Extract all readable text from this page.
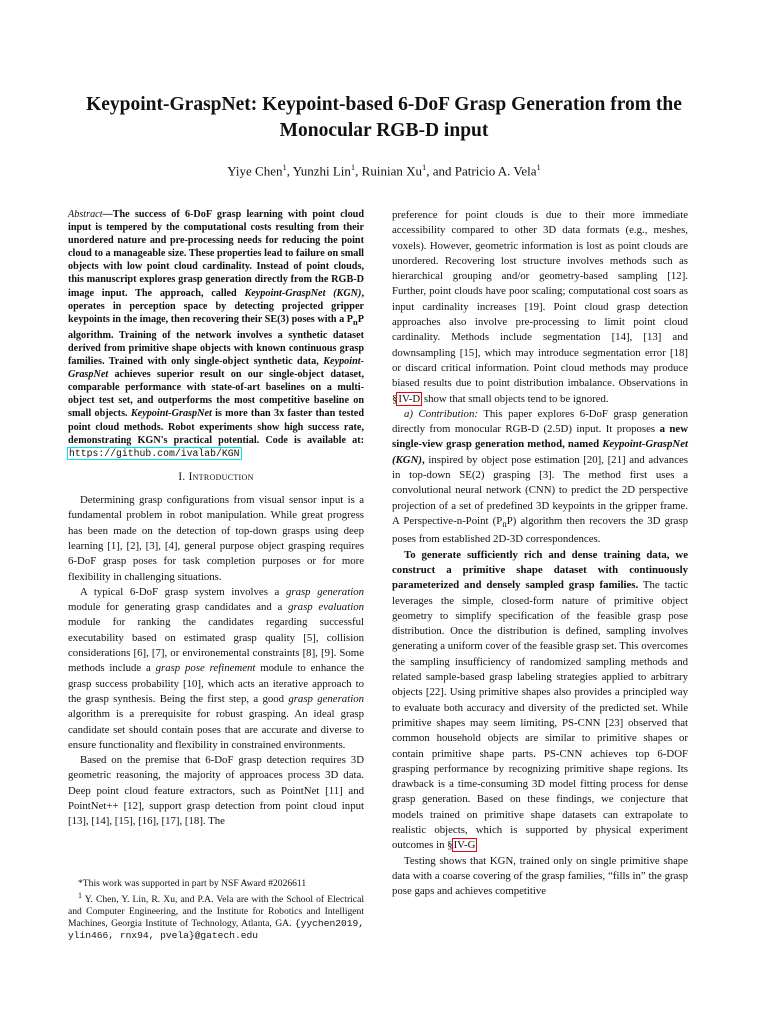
Keypoint-GraspNet: Keypoint-based 6-DoF Grasp Generation from the Monocular RGB-D input
Yiye Chen$^1$, Yunzhi Lin$^1$, Ruinian Xu$^1$, and Patricio A. Vela$^1$
Abstract—The success of 6-DoF grasp learning with point cloud input is tempered by the computational costs resulting from their unordered nature and pre-processing needs for reducing the point cloud to a manageable size. These properties lead to failure on small objects with low point cloud cardinality. Instead of point clouds, this manuscript explores grasp generation directly from the RGB-D image input. The approach, called Keypoint-GraspNet (KGN), operates in perception space by detecting projected gripper keypoints in the image, then recovering their SE(3) poses with a $P_nP$ algorithm. Training of the network involves a synthetic dataset derived from primitive shape objects with known continuous grasp families. Trained with only single-object synthetic data, Keypoint-GraspNet achieves superior result on our single-object dataset, comparable performance with state-of-art baselines on a multi-object test set, and outperforms the most competitive baseline on small objects. Keypoint-GraspNet is more than 3x faster than tested point cloud methods. Robot experiments show high success rate, demonstrating KGN's practical potential. Code is available at: https://github.com/ivalab/KGN
I. Introduction

Determining grasp configurations from visual sensor input is a fundamental problem in robot manipulation. While great progress has been made on the detection of top-down grasps using deep learning [1], [2], [3], [4], general purpose object grasping requires 6-DoF grasp poses for task completion purposes or for more flexibility in challenging situations.

A typical 6-DoF grasp system involves a grasp generation module for generating grasp candidates and a grasp evaluation module for ranking the candidates regarding successful executability based on estimated grasp quality [5], collision considerations [6], [7], or environemental constraints [8], [9]. Some methods include a grasp pose refinement module to enhance the grasp success probability [10], which acts an iterative approach to the grasp synthesis. Being the first step, a good grasp generation algorithm is a prerequisite for robust grasping. An ideal grasp candidate set should contain poses that are accurate and diverse to ensure functionality and flexibility in constrained environments.

Based on the premise that 6-DoF grasp detection requires 3D geometric reasoning, the majority of approaces process 3D data. Deep point cloud feature extractors, such as PointNet [11] and PointNet++ [12], support grasp detection from point cloud input [13], [14], [15], [16], [17], [18]. The

*This work was supported in part by NSF Award #2026611

$^1$ Y. Chen, Y. Lin, R. Xu, and P.A. Vela are with the School of Electrical and Computer Engineering, and the Institute for Robotics and Intelligent Machines, Georgia Institute of Technology, Atlanta, GA. {yychen2019, ylin466, rnx94, pvela}@gatech.edu

preference for point clouds is due to their more immediate accessibility compared to other 3D data formats (e.g., meshes, voxels). However, geometric information is lost as point clouds are unordered. Recovering lost structure involves methods such as hierarchical grouping and/or geometry-based sampling [12]. Further, point clouds have poor scaling; computational cost soars as input cardinality increases [19]. Point cloud grasp detection approaches also involve pre-processing to limit point cloud cardinality. Methods include segmentation [14], [13] and downsampling [15], which may introduce segmentation error [18] or discard critical information. Point cloud methods may produce biased results due to point distribution imbalance. Observations in §IV-D show that small objects tend to be ignored.

a) Contribution: This paper explores 6-DoF grasp generation directly from monocular RGB-D (2.5D) input. It proposes a new single-view grasp generation method, named Keypoint-GraspNet (KGN), inspired by object pose estimation [20], [21] and advances in top-down SE(2) grasping [3]. The method first uses a convolutional neural network (CNN) to predict the 2D perspective projection of a set of predefined 3D keypoints in the gripper frame. A Perspective-n-Point $(P_nP)$ algorithm then recovers the 3D grasp poses from established 2D-3D correspondences.

To generate sufficiently rich and dense training data, we construct a primitive shape dataset with continuously parameterized and densely sampled grasp families. The tactic leverages the simple, closed-form nature of primitive object geometry to simplify specification of the feasible grasp pose distribution. Once the distribution is defined, sampling involves generating a uniform cover of the feasible grasp set. This overcomes the sampling insufficiency of randomized sampling methods and related sample-based grasp labeling strategies applied to arbitrary objects [22]. Using primitive shapes also provides a principled way to evaluate both accuracy and diversity of the predicted set. While primitive shapes may seem limiting, PS-CNN [23] observed that common household objects are similar to primitive shapes or contain primitive shape parts. PS-CNN achieves top 6-DOF grasping performance by recognizing primitive shape regions. Its drawback is a time-consuming 3D model fitting process for dense grasp generation. Based on these findings, we conjecture that models trained on primitive shape datasets can extrapolate to realistic objects, which is supported by physical experiment outcomes in §IV-G

Testing shows that KGN, trained only on single primitive shape data with a coarse covering of the grasp families, “fills in” the grasp pose gaps and achieves competitive
